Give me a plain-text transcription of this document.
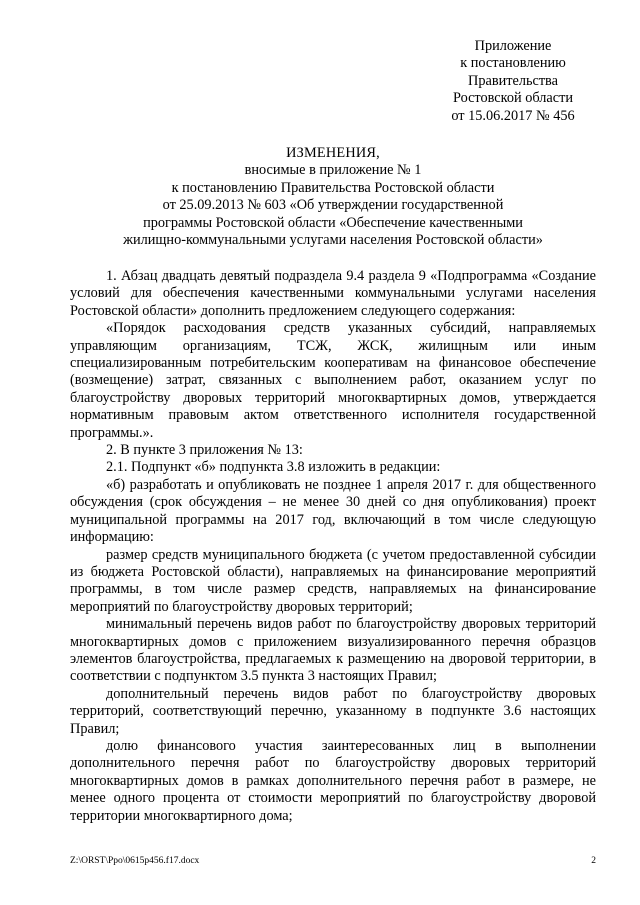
Приложение
к постановлению
Правительства
Ростовской области
от 15.06.2017 № 456
ИЗМЕНЕНИЯ,
вносимые в приложение № 1
к постановлению Правительства Ростовской области
от 25.09.2013 № 603 «Об утверждении государственной
программы Ростовской области «Обеспечение качественными
жилищно-коммунальными услугами населения Ростовской области»

1. Абзац двадцать девятый подраздела 9.4 раздела 9 «Подпрограмма «Создание условий для обеспечения качественными коммунальными услугами населения Ростовской области» дополнить предложением следующего содержания:

«Порядок расходования средств указанных субсидий, направляемых управляющим организациям, ТСЖ, ЖСК, жилищным или иным специализированным потребительским кооперативам на финансовое обеспечение (возмещение) затрат, связанных с выполнением работ, оказанием услуг по благоустройству дворовых территорий многоквартирных домов, утверждается нормативным правовым актом ответственного исполнителя государственной программы.».

2. В пункте 3 приложения № 13:

2.1. Подпункт «б» подпункта 3.8 изложить в редакции:

«б) разработать и опубликовать не позднее 1 апреля 2017 г. для общественного обсуждения (срок обсуждения – не менее 30 дней со дня опубликования) проект муниципальной программы на 2017 год, включающий в том числе следующую информацию:

размер средств муниципального бюджета (с учетом предоставленной субсидии из бюджета Ростовской области), направляемых на финансирование мероприятий программы, в том числе размер средств, направляемых на финансирование мероприятий по благоустройству дворовых территорий;

минимальный перечень видов работ по благоустройству дворовых территорий многоквартирных домов с приложением визуализированного перечня образцов элементов благоустройства, предлагаемых к размещению на дворовой территории, в соответствии с подпунктом 3.5 пункта 3 настоящих Правил;

дополнительный перечень видов работ по благоустройству дворовых территорий, соответствующий перечню, указанному в подпункте 3.6 настоящих Правил;

долю финансового участия заинтересованных лиц в выполнении дополнительного перечня работ по благоустройству дворовых территорий многоквартирных домов в рамках дополнительного перечня работ в размере, не менее одного процента от стоимости мероприятий по благоустройству дворовой территории многоквартирного дома;

Z:\ORST\Ppo\0615p456.f17.docx	2
